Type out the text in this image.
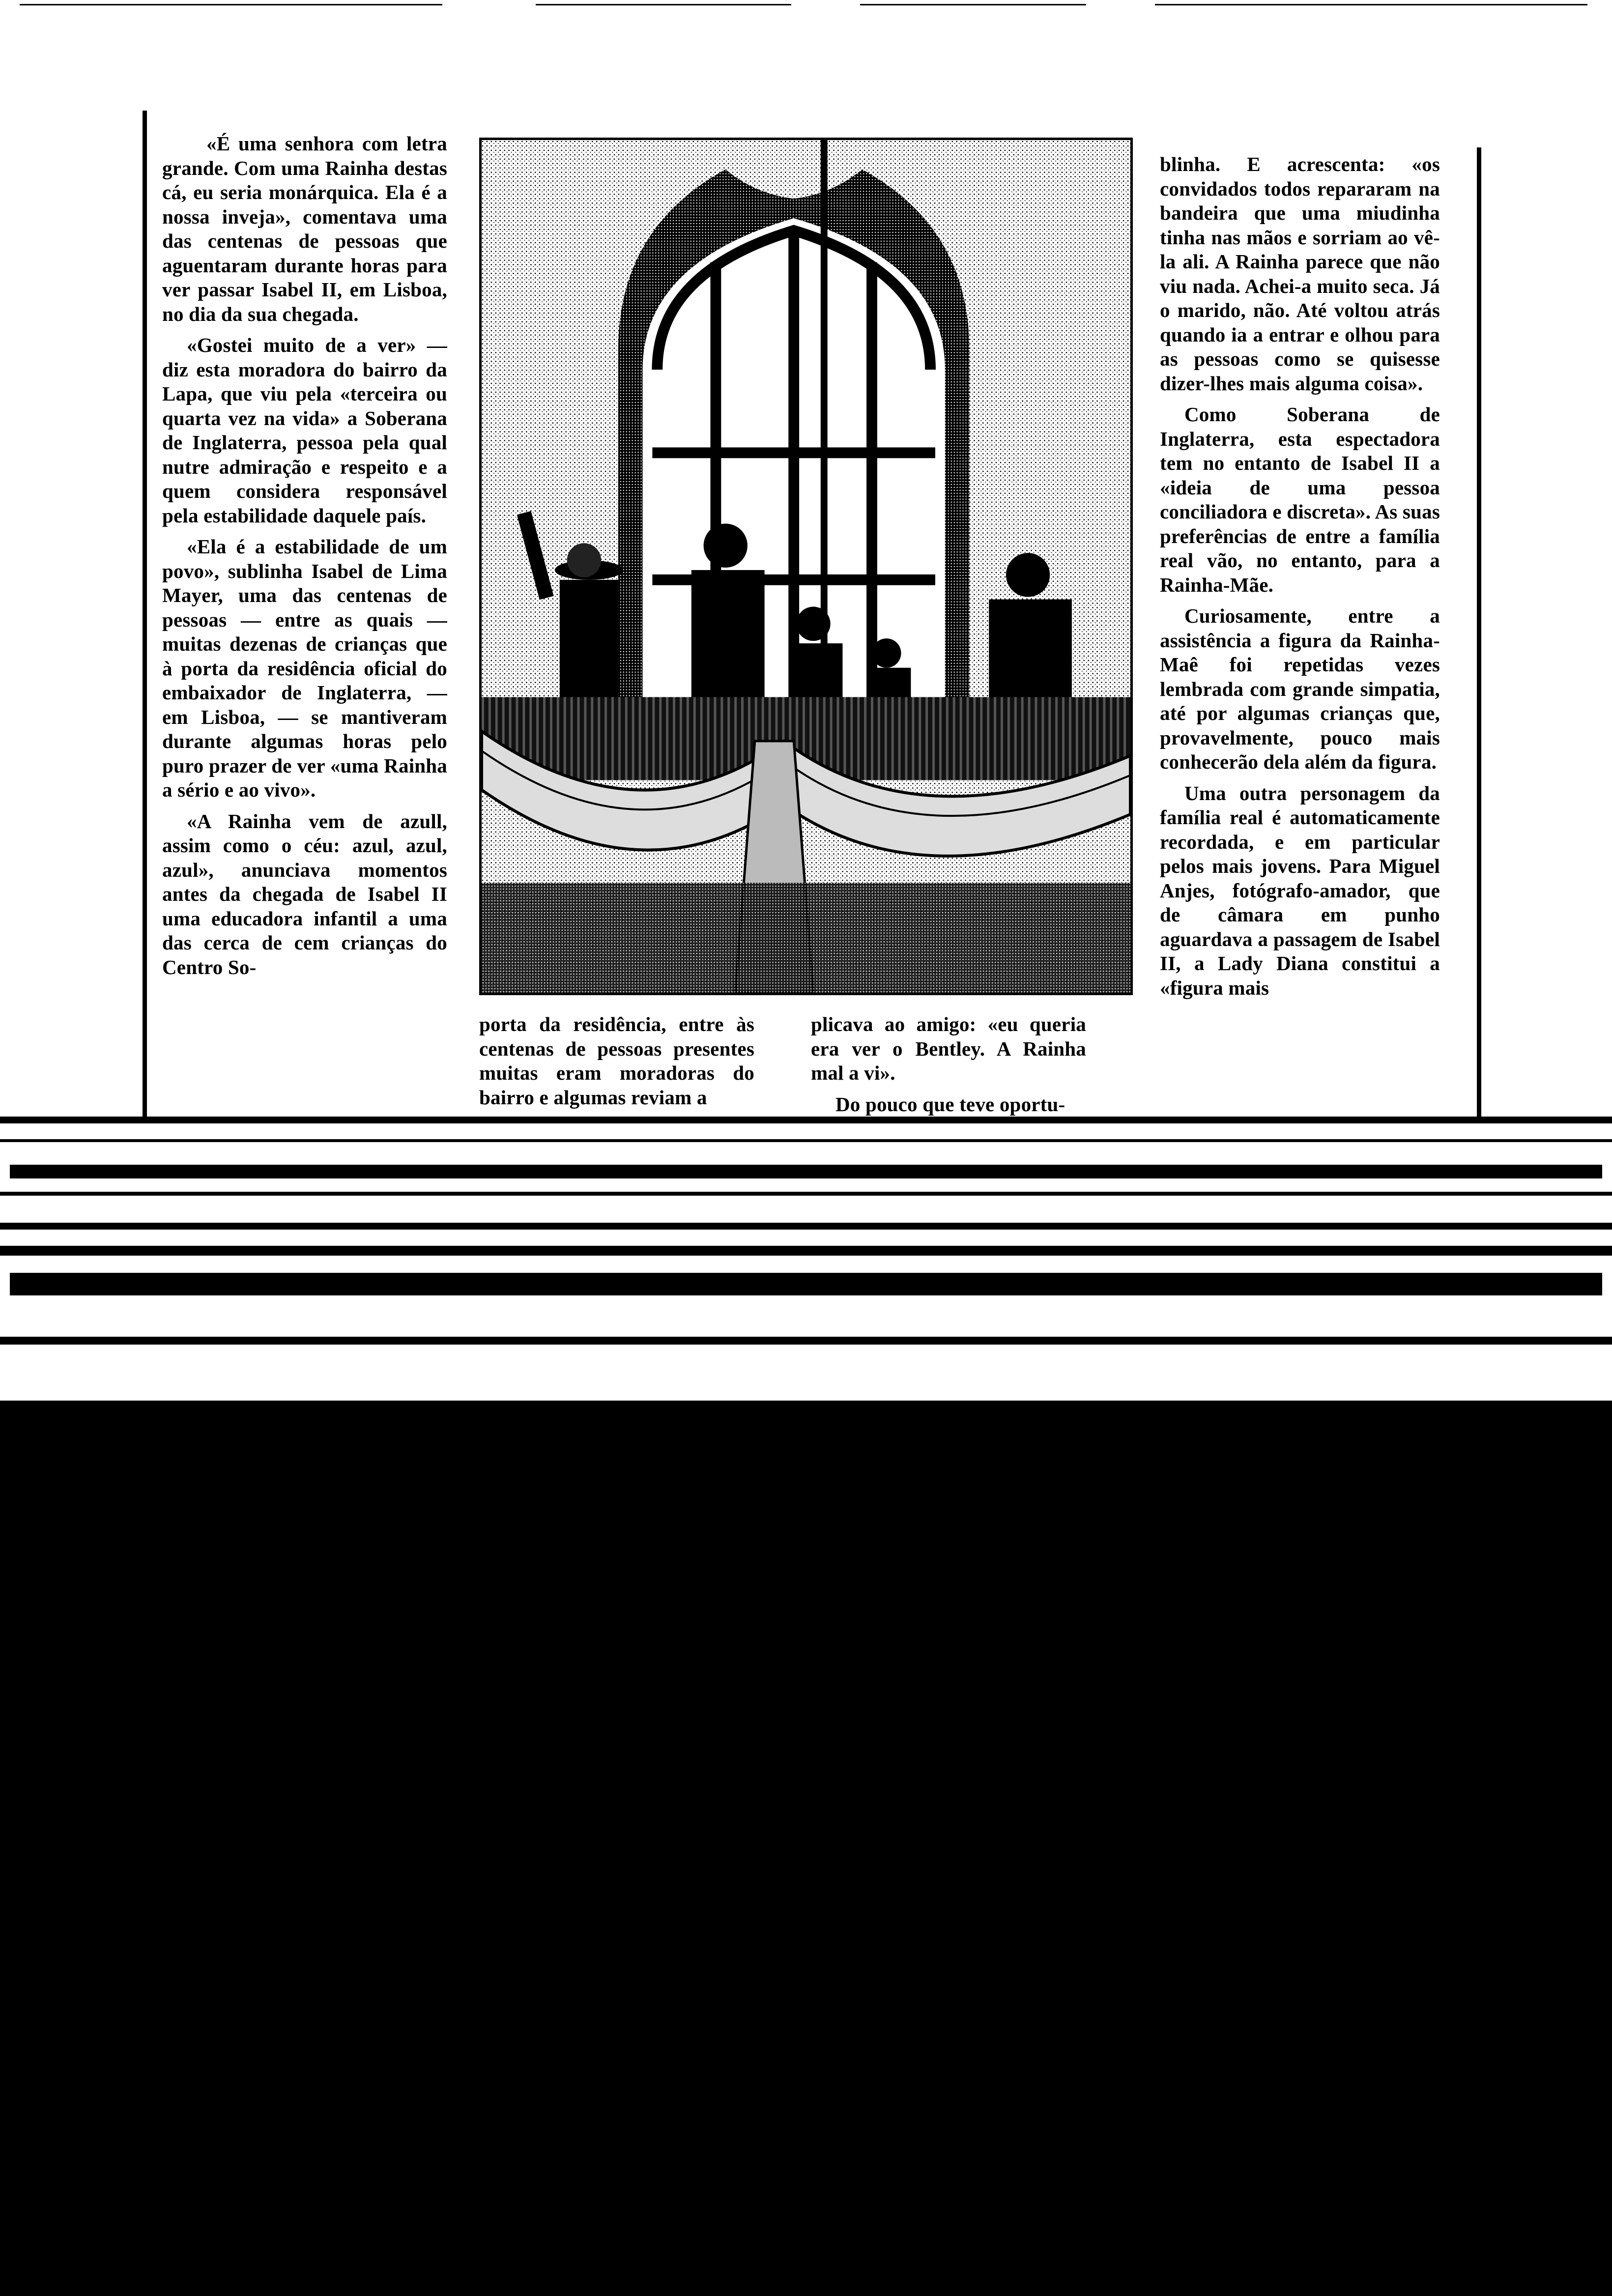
«É uma senhora com letra grande. Com uma Rainha destas cá, eu seria monárquica. Ela é a nossa inveja», comentava uma das centenas de pessoas que aguentaram durante horas para ver passar Isabel II, em Lisboa, no dia da sua chegada.

«Gostei muito de a ver» — diz esta moradora do bairro da Lapa, que viu pela «terceira ou quarta vez na vida» a Soberana de Inglaterra, pessoa pela qual nutre admiração e respeito e a quem considera responsável pela estabilidade daquele país.

«Ela é a estabilidade de um povo», sublinha Isabel de Lima Mayer, uma das centenas de pessoas — entre as quais — muitas dezenas de crianças que à porta da residência oficial do embaixador de Inglaterra, — em Lisboa, — se mantiveram durante algumas horas pelo puro prazer de ver «uma Rainha a sério e ao vivo».

«A Rainha vem de azull, assim como o céu: azul, azul, azul», anunciava momentos antes da chegada de Isabel II uma educadora infantil a uma das cerca de cem crianças do Centro So-

porta da residência, entre às centenas de pessoas presentes muitas eram moradoras do bairro e algumas reviam a

plicava ao amigo: «eu queria era ver o Bentley. A Rainha mal a vi».

Do pouco que teve oportu-

blinha. E acrescenta: «os convidados todos repararam na bandeira que uma miudinha tinha nas mãos e sorriam ao vê-la ali. A Rainha parece que não viu nada. Achei-a muito seca. Já o marido, não. Até voltou atrás quando ia a entrar e olhou para as pessoas como se quisesse dizer-lhes mais alguma coisa».

Como Soberana de Inglaterra, esta espectadora tem no entanto de Isabel II a «ideia de uma pessoa conciliadora e discreta». As suas preferências de entre a família real vão, no entanto, para a Rainha-Mãe.

Curiosamente, entre a assistência a figura da Rainha-Maê foi repetidas vezes lembrada com grande simpatia, até por algumas crianças que, provavelmente, pouco mais conhecerão dela além da figura.

Uma outra personagem da família real é automaticamente recordada, e em particular pelos mais jovens. Para Miguel Anjes, fotógrafo-amador, que de câmara em punho aguardava a passagem de Isabel II, a Lady Diana constitui a «figura mais
